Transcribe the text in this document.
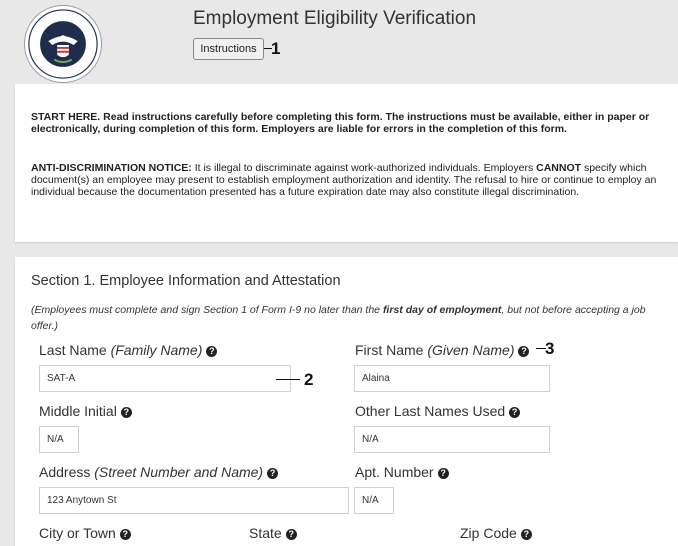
Employment Eligibility Verification
Instructions 1
START HERE. Read instructions carefully before completing this form. The instructions must be available, either in paper or electronically, during completion of this form. Employers are liable for errors in the completion of this form.
ANTI-DISCRIMINATION NOTICE: It is illegal to discriminate against work-authorized individuals. Employers CANNOT specify which document(s) an employee may present to establish employment authorization and identity. The refusal to hire or continue to employ an individual because the documentation presented has a future expiration date may also constitute illegal discrimination.
Section 1. Employee Information and Attestation
(Employees must complete and sign Section 1 of Form I-9 no later than the first day of employment, but not before accepting a job offer.)
Last Name (Family Name) ?	First Name (Given Name) ? 3
SAT-A	Alaina
2
Middle Initial ?	Other Last Names Used ?
N/A	N/A
Address (Street Number and Name) ?	Apt. Number ?
123 Anytown St	N/A
City or Town ?	State ?	Zip Code ?
